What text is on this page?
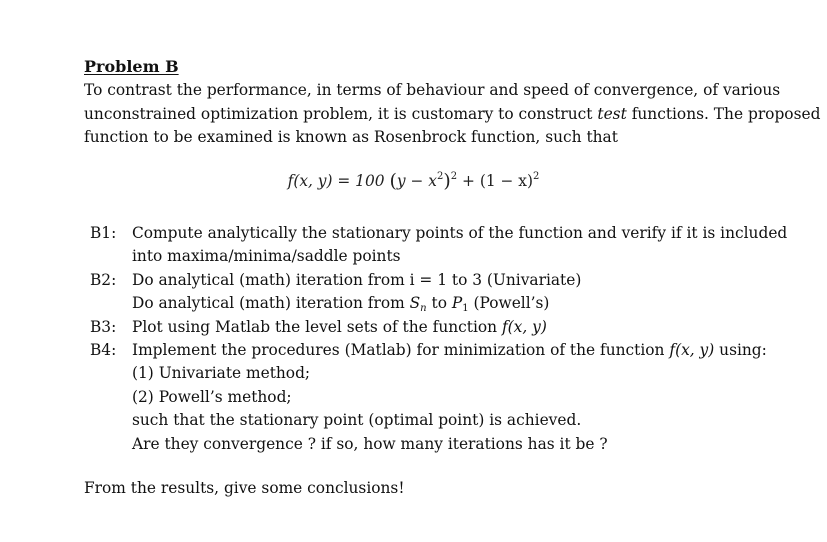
Problem B
To contrast the performance, in terms of behaviour and speed of convergence, of various
unconstrained optimization problem, it is customary to construct test functions. The proposed
function to be examined is known as Rosenbrock function, such that
f(x, y) = 100 $(y - x^2)^2 + (1 - x)^2$
B1: Compute analytically the stationary points of the function and verify if it is included
into maxima/minima/saddle points
B2: Do analytical (math) iteration from i = 1 to 3 (Univariate)
Do analytical (math) iteration from $S_n$ to $P_1$ (Powell’s)
B3: Plot using Matlab the level sets of the function f(x, y)
B4: Implement the procedures (Matlab) for minimization of the function f(x, y) using:
(1) Univariate method;
(2) Powell’s method;
such that the stationary point (optimal point) is achieved.
Are they convergence ? if so, how many iterations has it be ?
From the results, give some conclusions!
